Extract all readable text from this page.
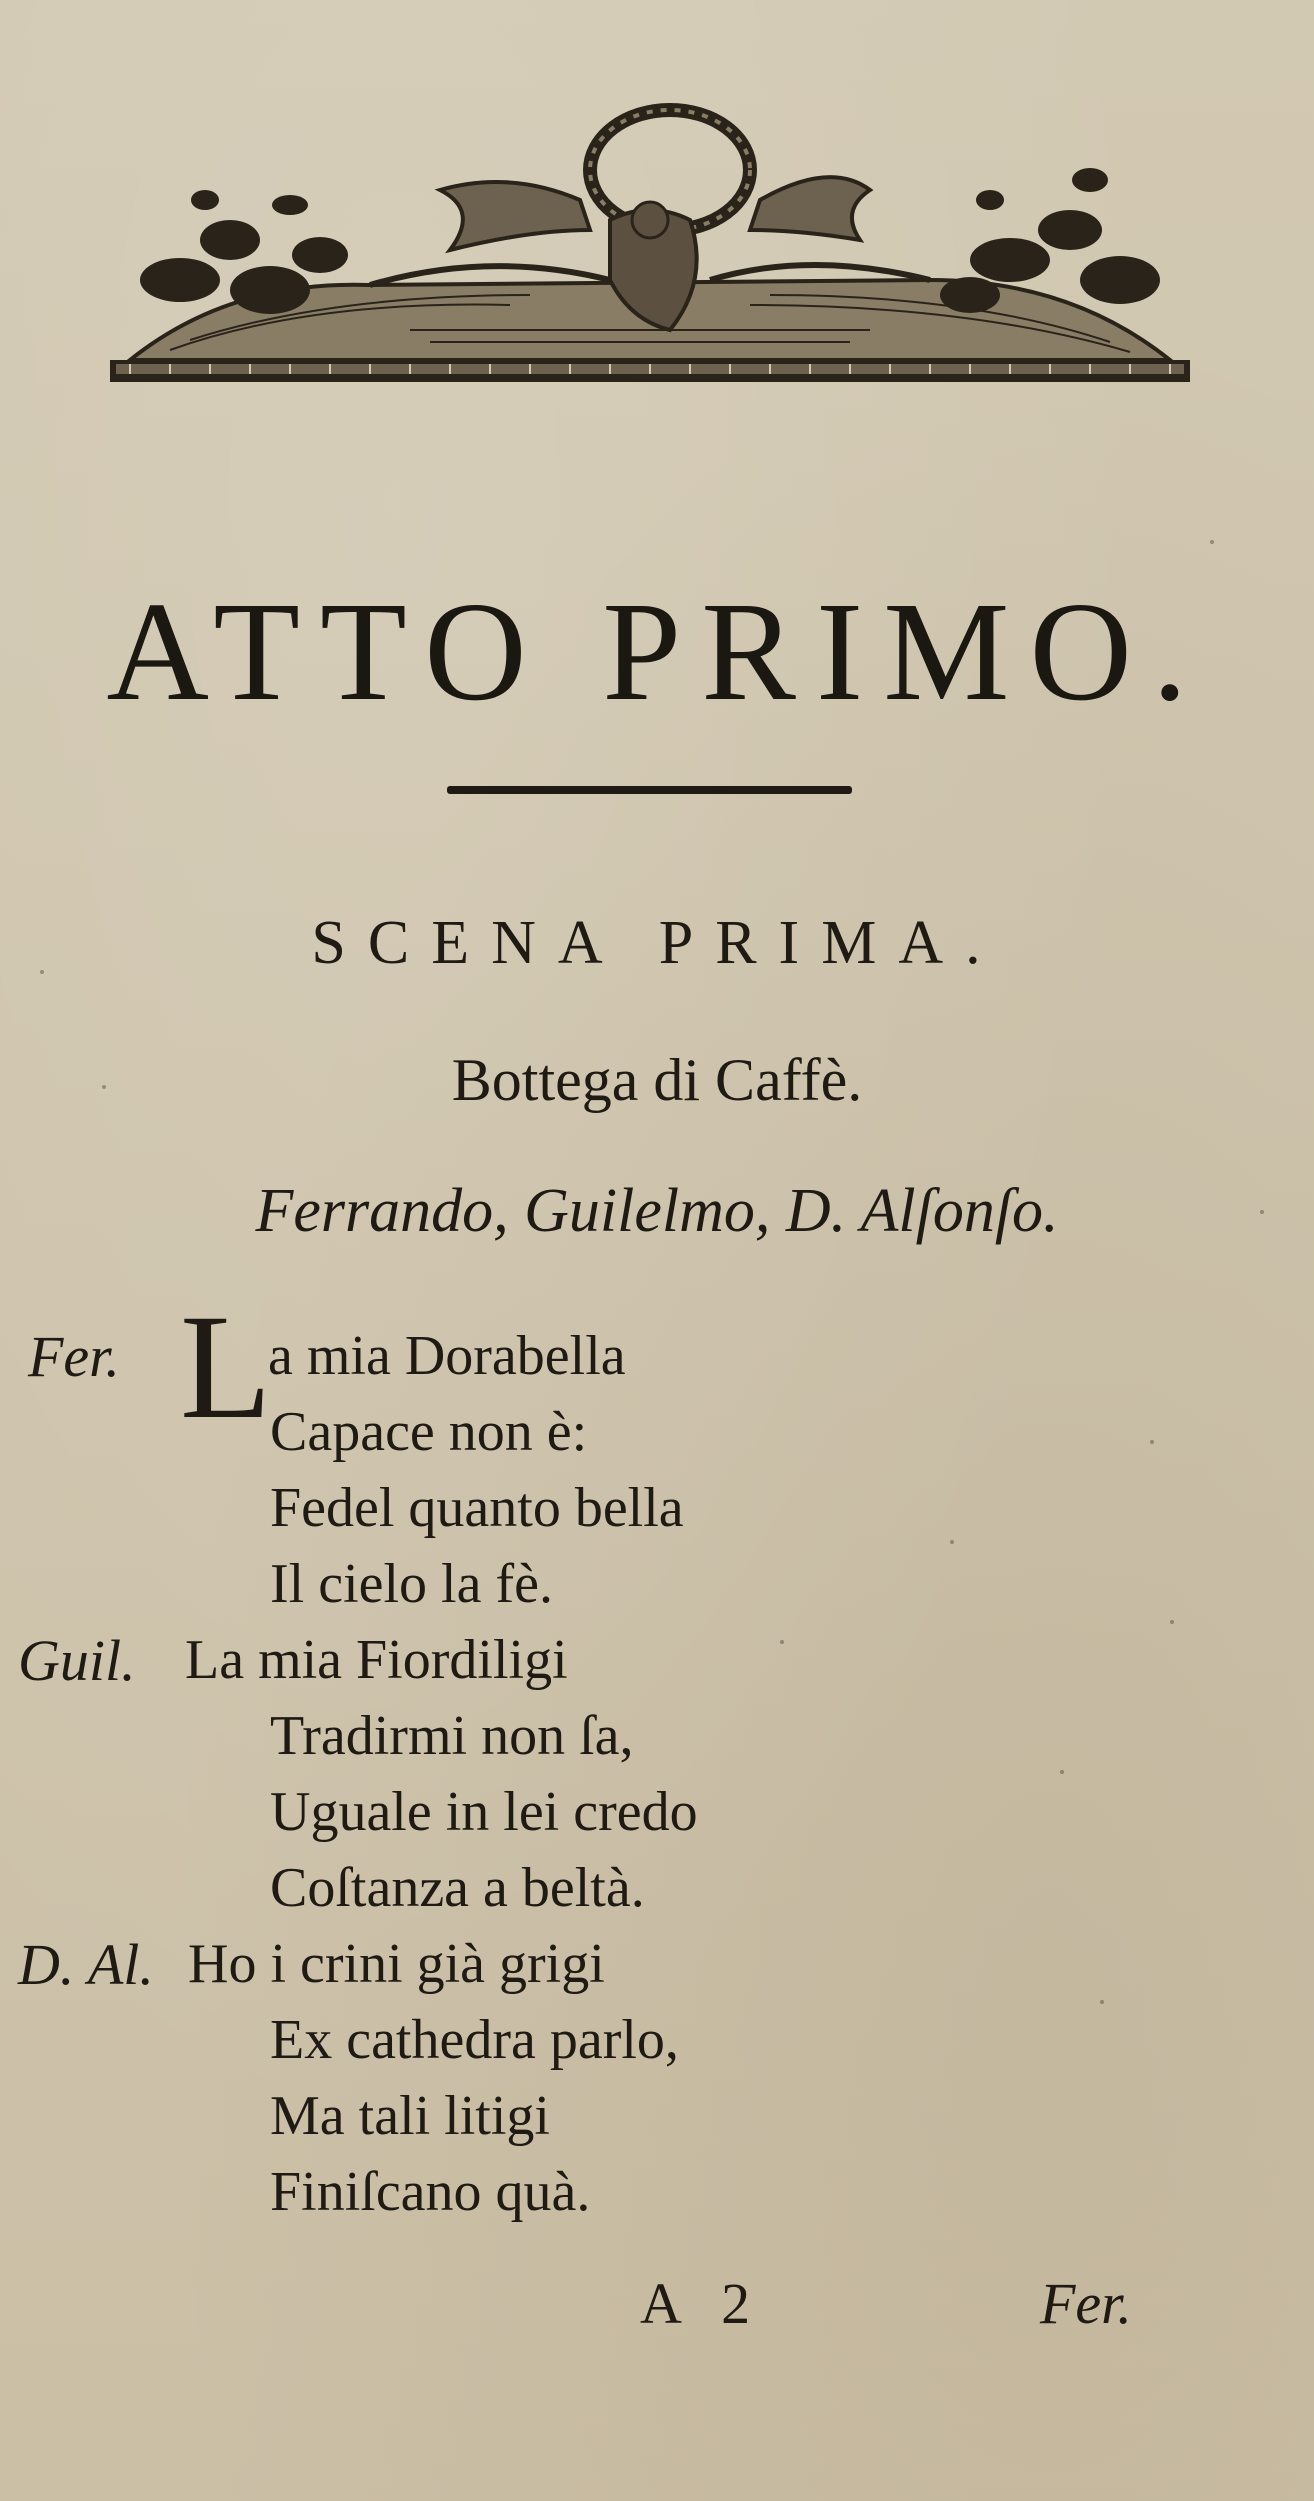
ATTO PRIMO.
SCENA PRIMA.
Bottega di Caffè.
Ferrando, Guilelmo, D. Alſonſo.
Fer. L
a mia Dorabella
Capace non è:
Fedel quanto bella
Il cielo la fè.
Guil. La mia Fiordiligi
Tradirmi non ſa,
Uguale in lei credo
Coſtanza a beltà.
D. Al. Ho i crini già grigi
Ex cathedra parlo,
Ma tali litigi
Finiſcano quà.
A 2	Fer.
